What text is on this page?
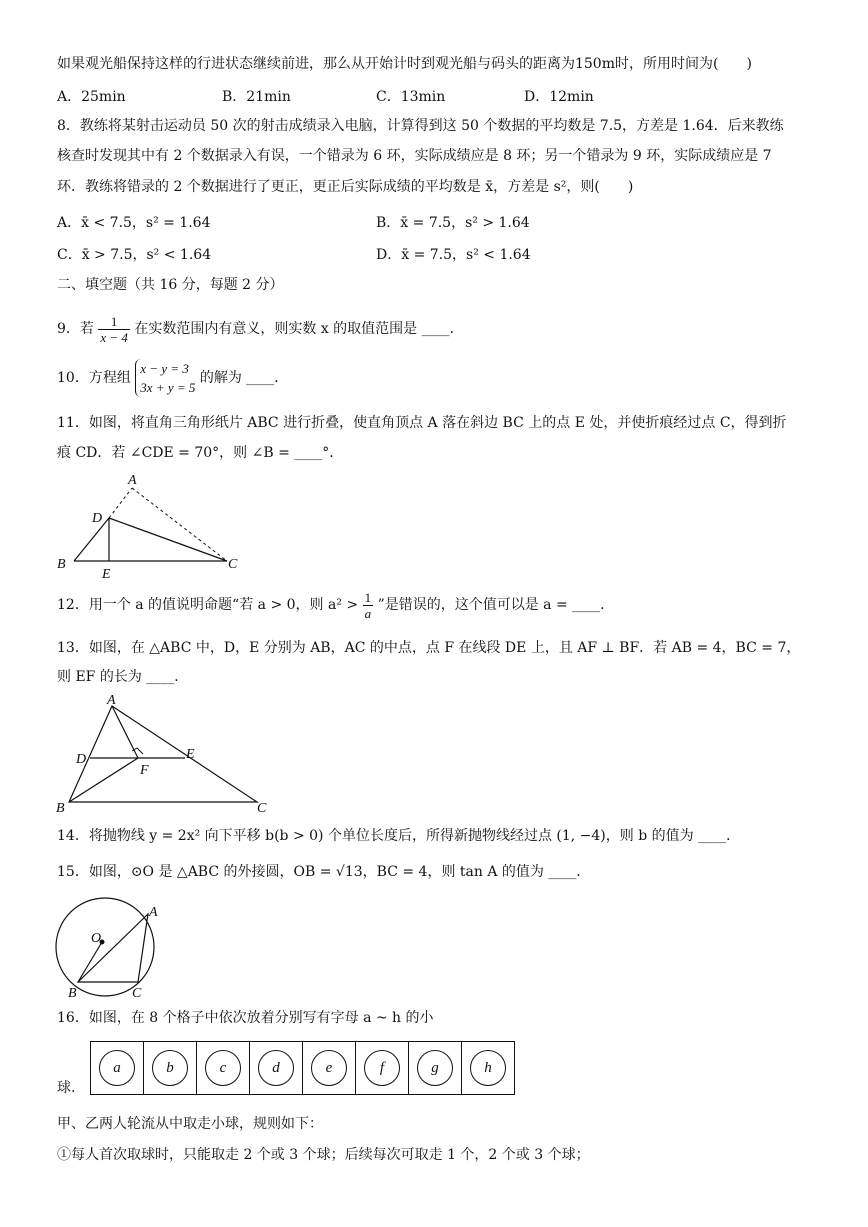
如果观光船保持这样的行进状态继续前进，那么从开始计时到观光船与码头的距离为150m时，所用时间为(　　)
A．25min	B．21min	C．13min	D．12min
8．教练将某射击运动员 50 次的射击成绩录入电脑，计算得到这 50 个数据的平均数是 7.5，方差是 1.64．后来教练
核查时发现其中有 2 个数据录入有误，一个错录为 6 环，实际成绩应是 8 环；另一个错录为 9 环，实际成绩应是 7
环．教练将错录的 2 个数据进行了更正，更正后实际成绩的平均数是 x̄，方差是 s²，则(　　)
A．x̄ < 7.5，s² = 1.64	B．x̄ = 7.5，s² > 1.64
C．x̄ > 7.5，s² < 1.64	D．x̄ = 7.5，s² < 1.64
二、填空题（共 16 分，每题 2 分）
9．若 $\frac{1}{x - 4}$ 在实数范围内有意义，则实数 x 的取值范围是 ____．
10．方程组
x − y = 3
3x + y = 5
的解为 ____．
11．如图，将直角三角形纸片 ABC 进行折叠，使直角顶点 A 落在斜边 BC 上的点 E 处，并使折痕经过点 C，得到折
痕 CD．若 ∠CDE = 70°，则 ∠B = ____°．
A
D
B
E
C
12．用一个 a 的值说明命题“若 a > 0，则 $a^2 > \frac{1}{a}$ ”是错误的，这个值可以是 a = ____．
13．如图，在 △ABC 中，D，E 分别为 AB，AC 的中点，点 F 在线段 DE 上，且 AF ⊥ BF．若 AB = 4，BC = 7，
则 EF 的长为 ____．
A
D	E
F
B	C
14．将抛物线 y = 2x² 向下平移 b(b > 0) 个单位长度后，所得新抛物线经过点 (1, −4)，则 b 的值为 ____．
15．如图，⊙O 是 △ABC 的外接圆，OB = √13，BC = 4，则 tan A 的值为 ____．
O
A
B	C
16．如图，在 8 个格子中依次放着分别写有字母 a ~ h 的小
a	b	c	d	e	f	g	h
球.
甲、乙两人轮流从中取走小球，规则如下：
①每人首次取球时，只能取走 2 个或 3 个球；后续每次可取走 1 个，2 个或 3 个球；
